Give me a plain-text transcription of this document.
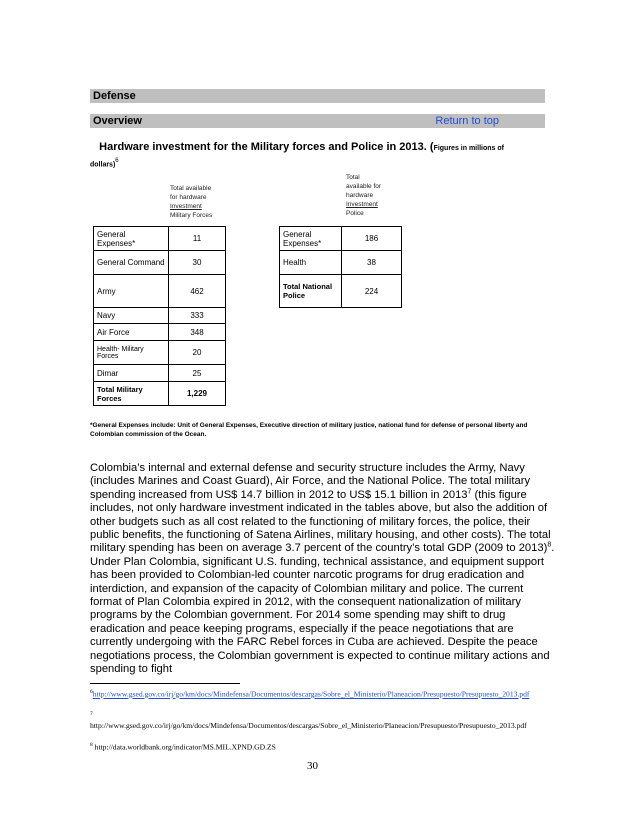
Defense
Overview	Return to top
Hardware investment for the Military forces and Police in 2013. (Figures in millions of
dollars)$^6$
Total available
for hardware
Investment
Military Forces
General Expenses*	11
General Command	30
Army	462
Navy	333
Air Force	348
Health- Military Forces	20
Dimar	25
Total Military Forces	1,229
Total
available for
hardware
Investment
Police
General Expenses*	186
Health	38
Total National Police	224
*General Expenses include: Unit of General Expenses, Executive direction of military justice, national fund for defense of personal liberty and Colombian commission of the Ocean.
Colombia’s internal and external defense and security structure includes the Army, Navy (includes Marines and Coast Guard), Air Force, and the National Police. The total military spending increased from US$ 14.7 billion in 2012 to US$ 15.1 billion in 2013$^7$ (this figure includes, not only hardware investment indicated in the tables above, but also the addition of other budgets such as all cost related to the functioning of military forces, the police, their public benefits, the functioning of Satena Airlines, military housing, and other costs). The total military spending has been on average 3.7 percent of the country’s total GDP (2009 to 2013)$^8$. Under Plan Colombia, significant U.S. funding, technical assistance, and equipment support has been provided to Colombian-led counter narcotic programs for drug eradication and interdiction, and expansion of the capacity of Colombian military and police. The current format of Plan Colombia expired in 2012, with the consequent nationalization of military programs by the Colombian government. For 2014 some spending may shift to drug eradication and peace keeping programs, especially if the peace negotiations that are currently undergoing with the FARC Rebel forces in Cuba are achieved. Despite the peace negotiations process, the Colombian government is expected to continue military actions and spending to fight
$^6$http://www.gsed.gov.co/irj/go/km/docs/Mindefensa/Documentos/descargas/Sobre_el_Ministerio/Planeacion/Presupuesto/Presupuesto_2013.pdf
$^7$
http://www.gsed.gov.co/irj/go/km/docs/Mindefensa/Documentos/descargas/Sobre_el_Ministerio/Planeacion/Presupuesto/Presupuesto_2013.pdf
$^8$ http://data.worldbank.org/indicator/MS.MIL.XPND.GD.ZS
30
